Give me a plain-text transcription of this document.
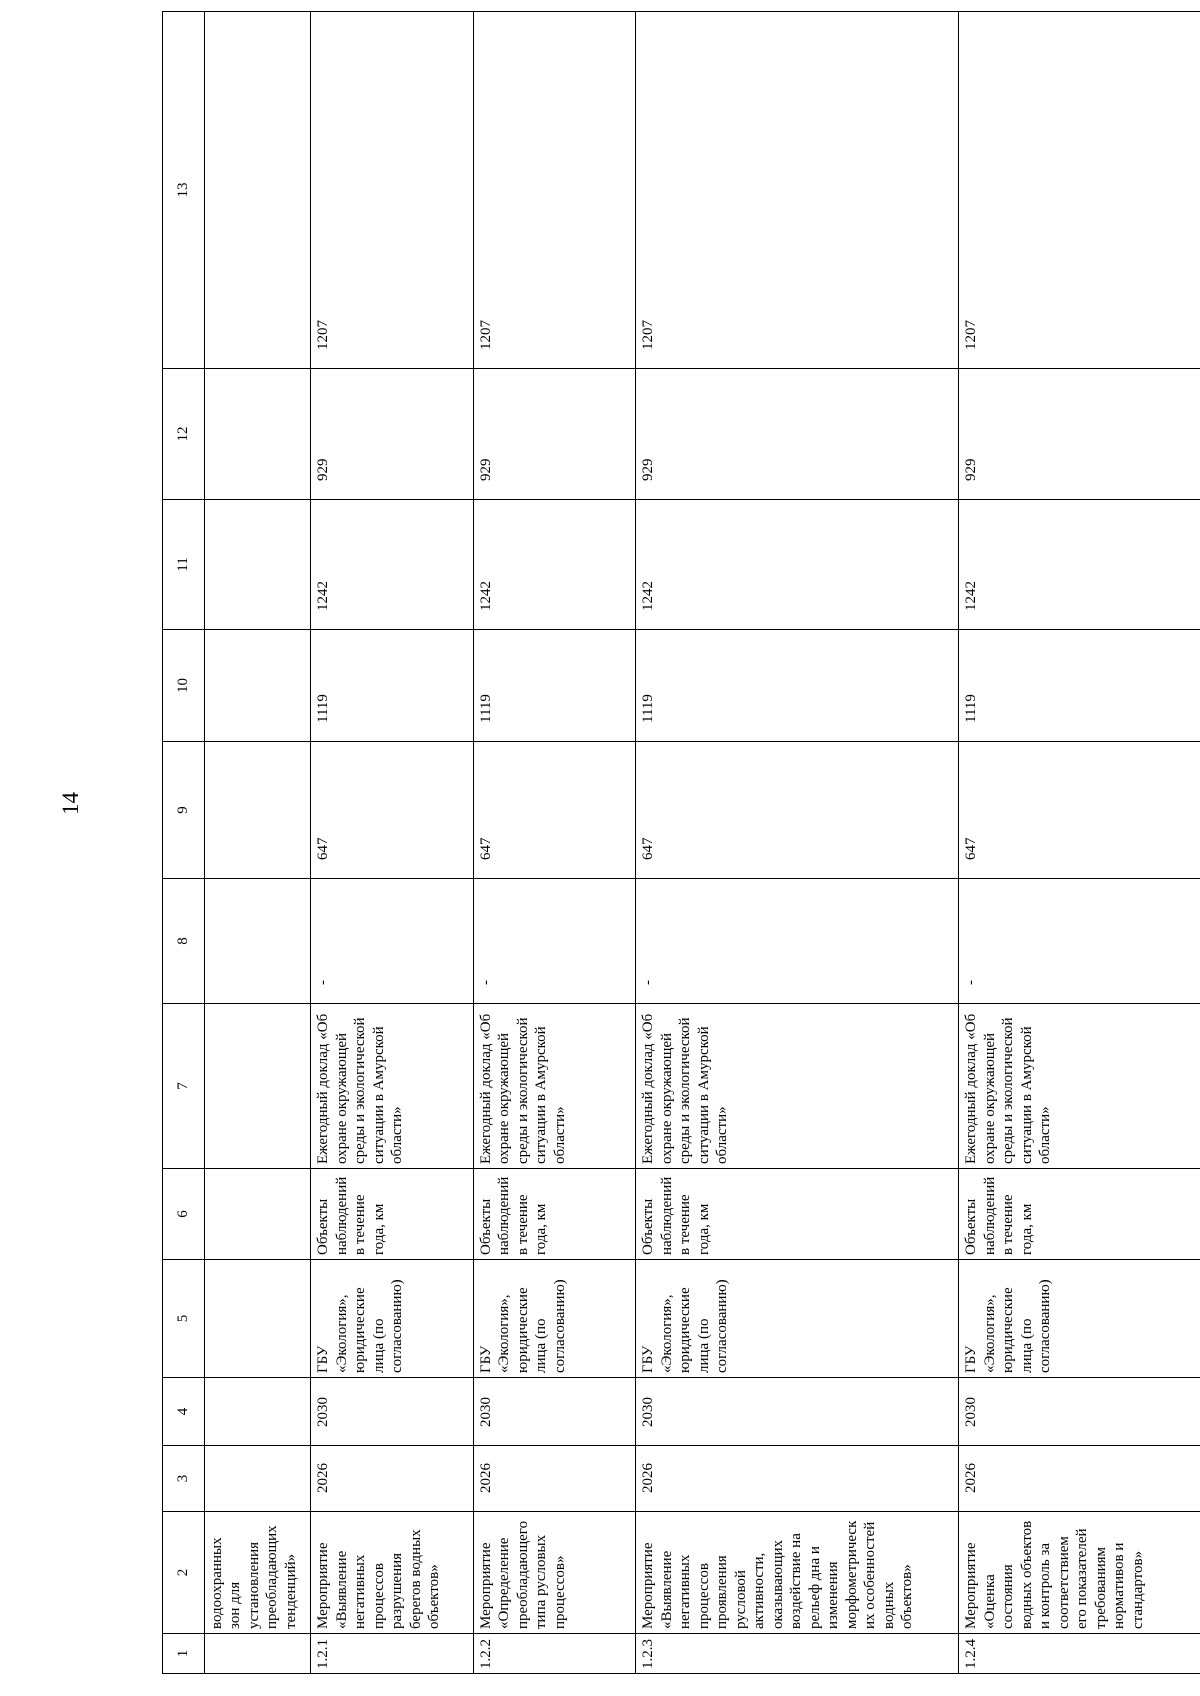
14
1	2	3	4	5	6	7	8	9	10	11	12	13
	водоохранных зон для установления преобладающих тенденций»											
1.2.1	Мероприятие «Выявление негативных процессов разрушения берегов водных объектов»	2026	2030	ГБУ «Экология», юридические лица (по согласованию)	Объекты наблюдений в течение года, км	Ежегодный доклад «Об охране окружающей среды и экологической ситуации в Амурской области»	-	647	1119	1242	929	1207
1.2.2	Мероприятие «Определение преобладающего типа русловых процессов»	2026	2030	ГБУ «Экология», юридические лица (по согласованию)	Объекты наблюдений в течение года, км	Ежегодный доклад «Об охране окружающей среды и экологической ситуации в Амурской области»	-	647	1119	1242	929	1207
1.2.3	Мероприятие «Выявление негативных процессов проявления русловой активности, оказывающих воздействие на рельеф дна и изменения морфометрических особенностей водных объектов»	2026	2030	ГБУ «Экология», юридические лица (по согласованию)	Объекты наблюдений в течение года, км	Ежегодный доклад «Об охране окружающей среды и экологической ситуации в Амурской области»	-	647	1119	1242	929	1207
1.2.4	Мероприятие «Оценка состояния водных объектов и контроль за соответствием его показателей требованиям нормативов и стандартов»	2026	2030	ГБУ «Экология», юридические лица (по согласованию)	Объекты наблюдений в течение года, км	Ежегодный доклад «Об охране окружающей среды и экологической ситуации в Амурской области»	-	647	1119	1242	929	1207
